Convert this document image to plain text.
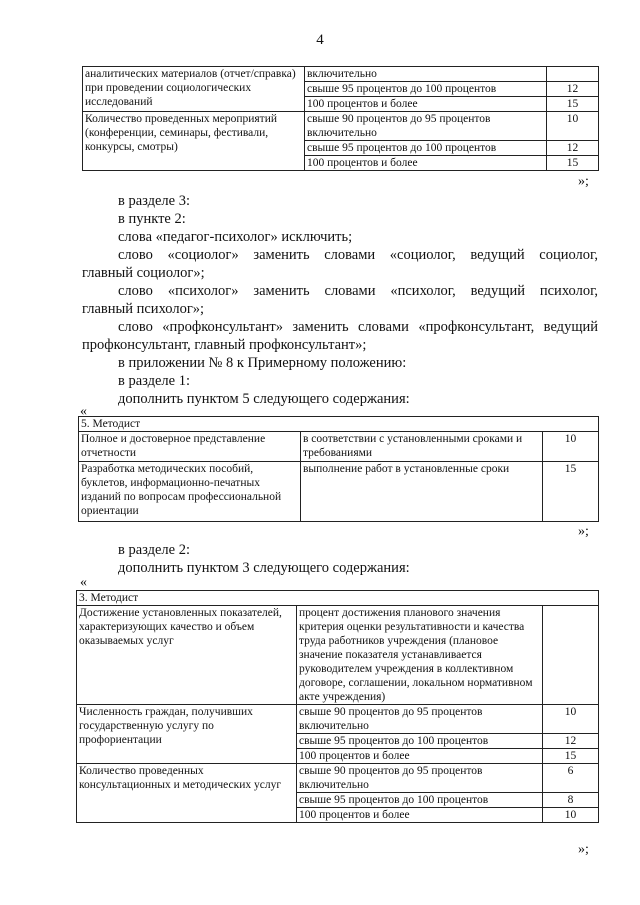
4
аналитических материалов (отчет/справка) при проведении социологических исследований	включительно	
	свыше 95 процентов до 100 процентов	12
	100 процентов и более	15
Количество проведенных мероприятий (конференции, семинары, фестивали, конкурсы, смотры)	свыше 90 процентов до 95 процентов включительно	10
	свыше 95 процентов до 100 процентов	12
	100 процентов и более	15
»;
в разделе 3:
в пункте 2:
слова «педагог-психолог» исключить;
слово «социолог» заменить словами «социолог, ведущий социолог,
главный социолог»;
слово «психолог» заменить словами «психолог, ведущий психолог,
главный психолог»;
слово «профконсультант» заменить словами «профконсультант, ведущий
профконсультант, главный профконсультант»;
в приложении № 8 к Примерному положению:
в разделе 1:
дополнить пунктом 5 следующего содержания:
«
5. Методист		
Полное и достоверное представление отчетности	в соответствии с установленными сроками и требованиями	10
Разработка методических пособий, буклетов, информационно-печатных изданий по вопросам профессиональной ориентации	выполнение работ в установленные сроки	15
»;
в разделе 2:
дополнить пунктом 3 следующего содержания:
«
3. Методист		
Достижение установленных показателей, характеризующих качество и объем оказываемых услуг	процент достижения планового значения критерия оценки результативности и качества труда работников учреждения (плановое значение показателя устанавливается руководителем учреждения в коллективном договоре, соглашении, локальном нормативном акте учреждения)	
Численность граждан, получивших государственную услугу по профориентации	свыше 90 процентов до 95 процентов включительно	10
	свыше 95 процентов до 100 процентов	12
	100 процентов и более	15
Количество проведенных консультационных и методических услуг	свыше 90 процентов до 95 процентов включительно	6
	свыше 95 процентов до 100 процентов	8
	100 процентов и более	10
»;
